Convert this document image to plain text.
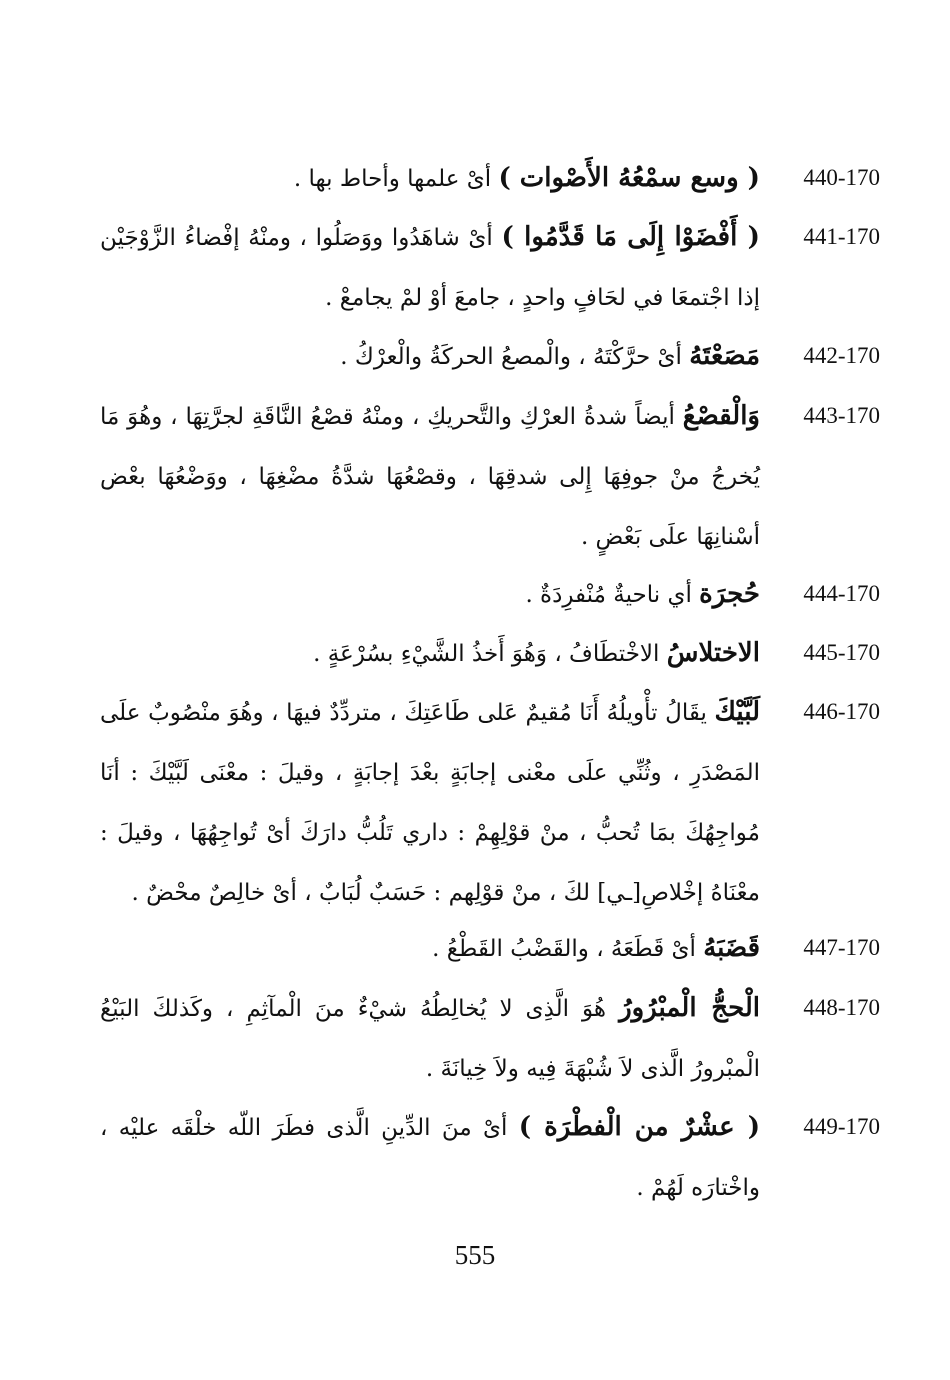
440-170
( وسع سمْعُهُ الأَصْوات ) أىْ علمها وأحاط بها .
441-170
( أَفْضَوْا إِلَى مَا قَدَّمُوا ) أىْ شاهَدُوا ووَصَلُوا ، ومنْهُ إفْضاءُ الزَّوْجَيْن إذا اجْتمعَا في لحَافٍ واحدٍ ، جامعَ أوْ لمْ يجامعْ .
442-170
مَصَعْتَهُ أىْ حرَّكْتَهُ ، والْمصعُ الحركَةُ والْعرْكُ .
443-170
وَالْقصْعُ أيضاً شدةُ العرْكِ والتَّحريكِ ، ومنْهُ قصْعُ النَّاقَةِ لجرَّتِهَا ، وهُوَ مَا يُخرجُ منْ جوفِهَا إِلى شدقِهَا ، وقصْعُهَا شدَّةُ مضْغِهَا ، ووَضْعُهَا بعْض أسْنانِهَا علَى بَعْضٍ .
444-170
حُجرَة أي ناحيةٌ مُنْفرِدَةٌ .
445-170
الاختلاسُ الاخْتطَافُ ، وَهُوَ أَخذُ الشَّيْءِ بسُرْعَةٍ .
446-170
لَبَّيْكَ يقَالُ تأْويلُهُ أَنَا مُقيمٌ عَلى طَاعَتِكَ ، متردِّدٌ فيهَا ، وهُوَ منْصُوبٌ علَى المَصْدَرِ ، وثُنِّي علَى معْنى إجابَةٍ بعْدَ إجابَةٍ ، وقيلَ : معْنَى لَبَّيْكَ : أنَا مُواجِهُكَ بمَا تُحبُّ ، منْ قوْلِهِمْ : داري تَلُبُّ دارَكَ أىْ تُواجِهُهَا ، وقيلَ : معْنَاهُ إخْلاصِ[ـي] لكَ ، منْ قوْلِهم : حَسَبٌ لُبَابٌ ، أىْ خالِصٌ محْضٌ .
447-170
قَضَبَهُ أىْ قَطَعَهُ ، والقَضْبُ القَطْعُ .
448-170
الْحجُّ الْمبْرُورُ هُوَ الَّذِى لا يُخالِطُهُ شيْءٌ منَ الْمآثِمِ ، وكَذلكَ البَيْعُ الْمبْرورُ الَّذى لاَ شُبْهَةَ فِيه ولاَ خِيانَةَ .
449-170
( عشْرٌ من الْفطْرَة ) أىْ منَ الدِّينِ الَّذى فطَرَ اللّه خلْقَه عليْه ، واخْتارَه لَهُمْ .
555
